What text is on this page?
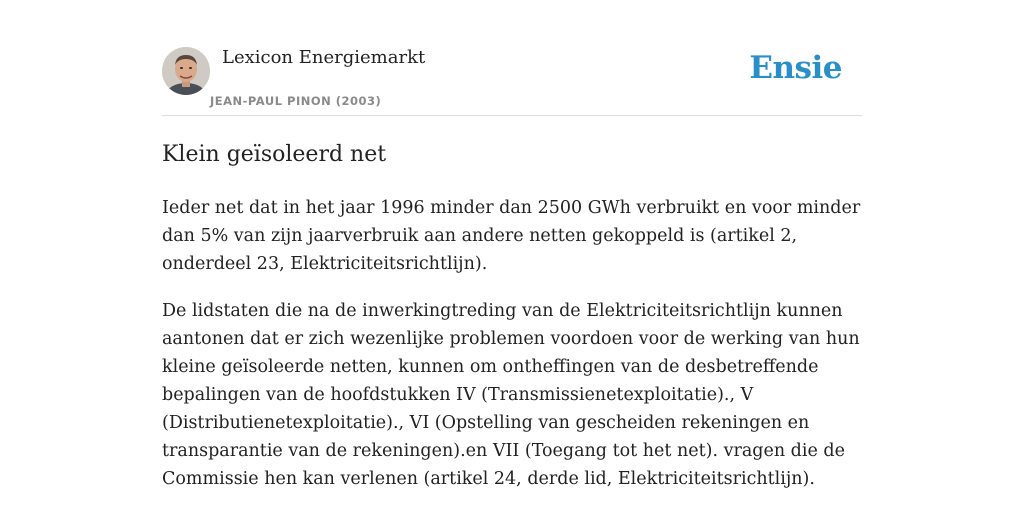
Lexicon Energiemarkt
JEAN-PAUL PINON (2003)
Ensie
Klein geïsoleerd net

Ieder net dat in het jaar 1996 minder dan 2500 GWh verbruikt en voor minder dan 5% van zijn jaarverbruik aan andere netten gekoppeld is (artikel 2, onderdeel 23, Elektriciteitsrichtlijn).

De lidstaten die na de inwerkingtreding van de Elektriciteitsrichtlijn kunnen aantonen dat er zich wezenlijke problemen voordoen voor de werking van hun kleine geïsoleerde netten, kunnen om ontheffingen van de desbetreffende bepalingen van de hoofdstukken IV (Transmissienetexploitatie)., V (Distributienetexploitatie)., VI (Opstelling van gescheiden rekeningen en transparantie van de rekeningen).en VII (Toegang tot het net). vragen die de Commissie hen kan verlenen (artikel 24, derde lid, Elektriciteitsrichtlijn).
